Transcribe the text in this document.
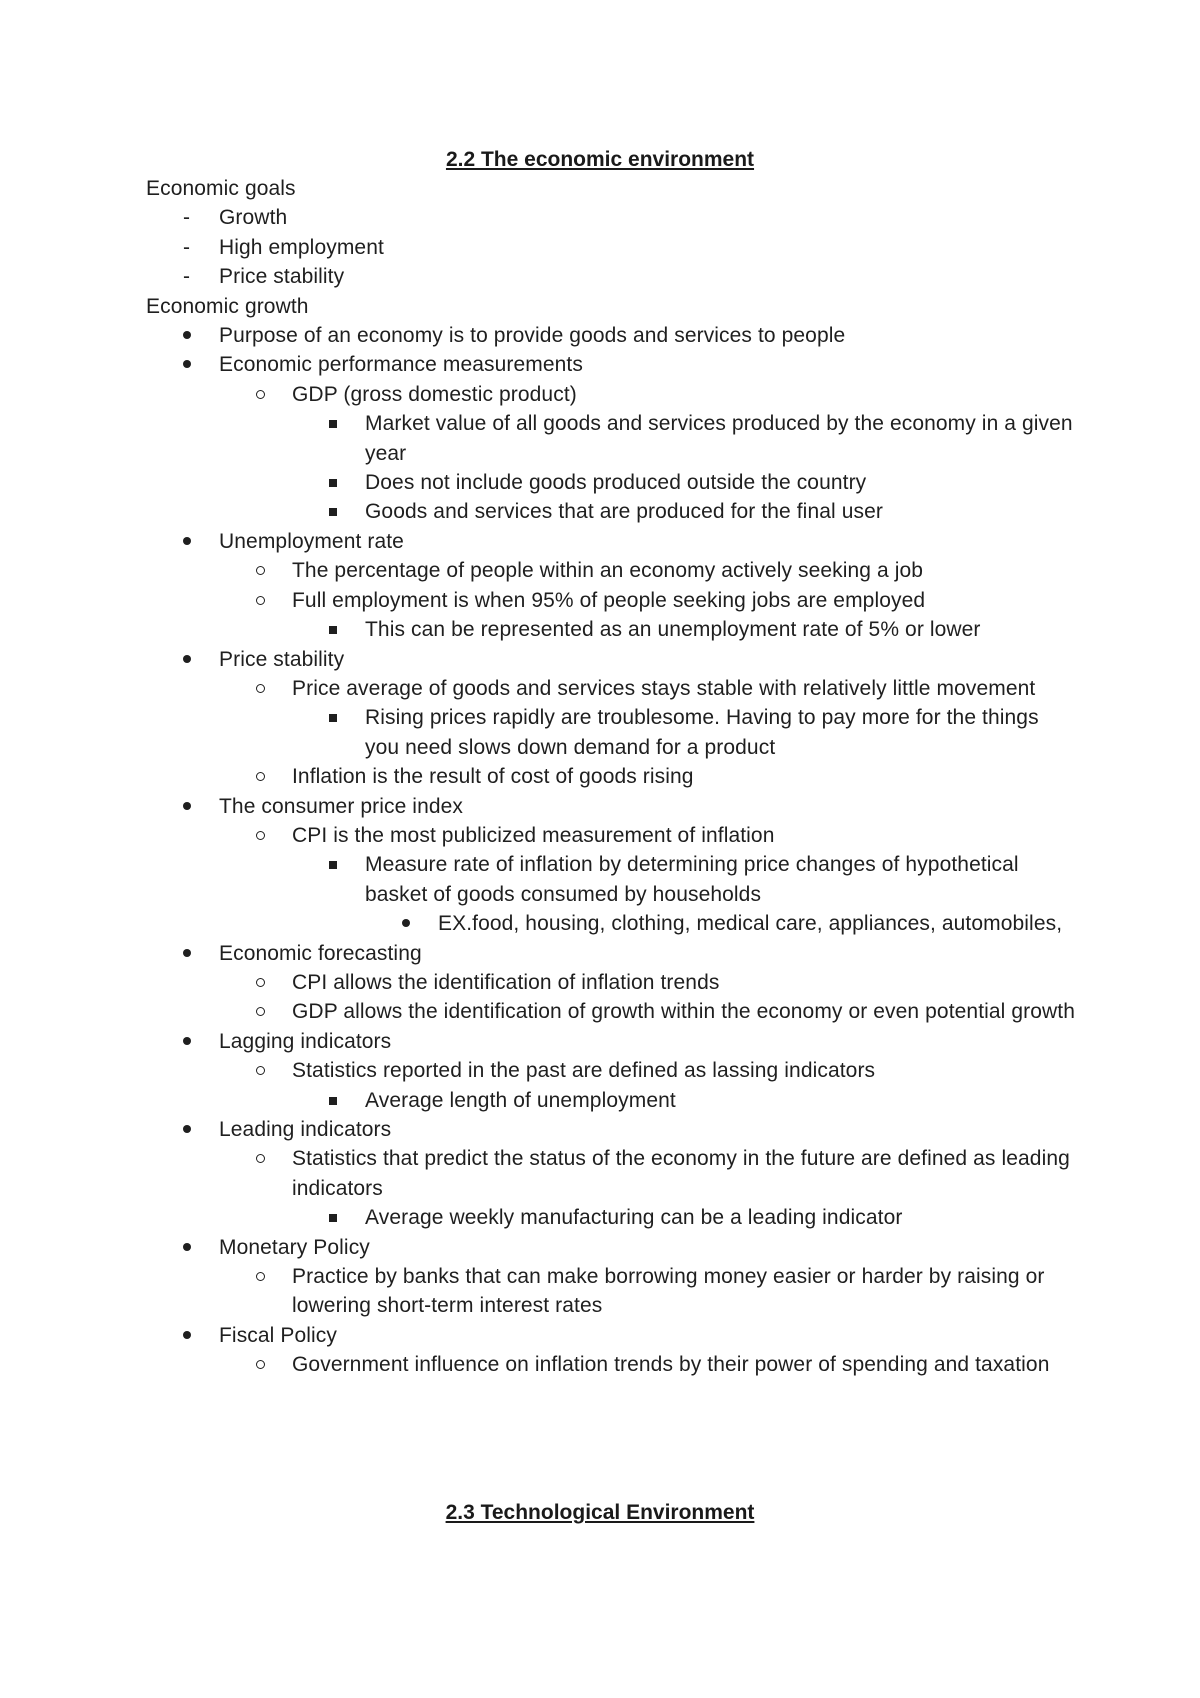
2.2 The economic environment
Economic goals
- Growth
- High employment
- Price stability
Economic growth
Purpose of an economy is to provide goods and services to people
Economic performance measurements
GDP (gross domestic product)
Market value of all goods and services produced by the economy in a given year
Does not include goods produced outside the country
Goods and services that are produced for the final user
Unemployment rate
The percentage of people within an economy actively seeking a job
Full employment is when 95% of people seeking jobs are employed
This can be represented as an unemployment rate of 5% or lower
Price stability
Price average of goods and services stays stable with relatively little movement
Rising prices rapidly are troublesome. Having to pay more for the things you need slows down demand for a product
Inflation is the result of cost of goods rising
The consumer price index
CPI is the most publicized measurement of inflation
Measure rate of inflation by determining price changes of hypothetical basket of goods consumed by households
EX.food, housing, clothing, medical care, appliances, automobiles,
Economic forecasting
CPI allows the identification of inflation trends
GDP allows the identification of growth within the economy or even potential growth
Lagging indicators
Statistics reported in the past are defined as lassing indicators
Average length of unemployment
Leading indicators
Statistics that predict the status of the economy in the future are defined as leading indicators
Average weekly manufacturing can be a leading indicator
Monetary Policy
Practice by banks that can make borrowing money easier or harder by raising or lowering short-term interest rates
Fiscal Policy
Government influence on inflation trends by their power of spending and taxation
2.3 Technological Environment
